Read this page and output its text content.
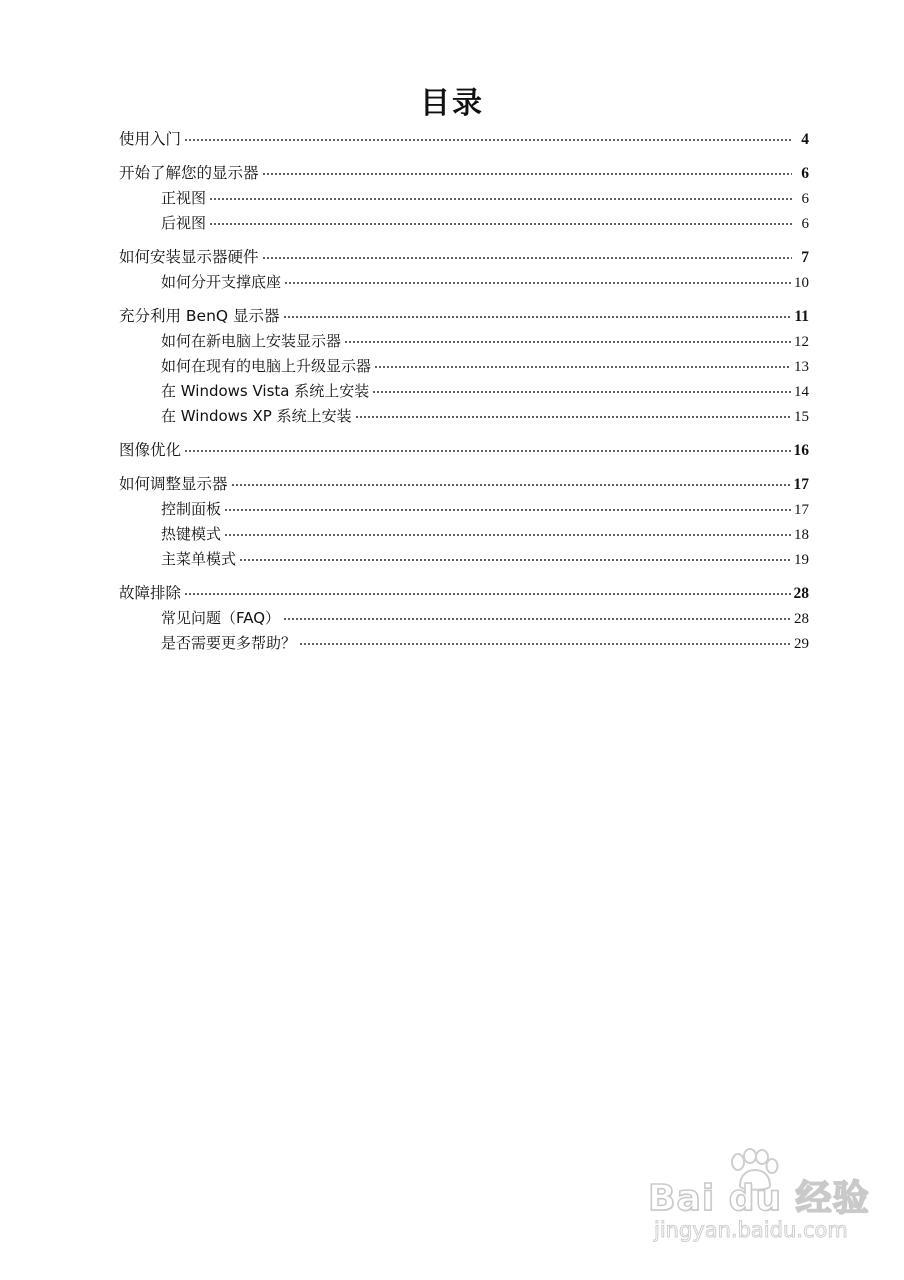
目录
使用入门	4
开始了解您的显示器	6
正视图	6
后视图	6
如何安装显示器硬件	7
如何分开支撑底座	10
充分利用 BenQ 显示器	11
如何在新电脑上安装显示器	12
如何在现有的电脑上升级显示器	13
在 Windows Vista 系统上安装	14
在 Windows XP 系统上安装	15
图像优化	16
如何调整显示器	17
控制面板	17
热键模式	18
主菜单模式	19
故障排除	28
常见问题（FAQ）	28
是否需要更多帮助？	29
Bai du 经验
jingyan.baidu.com
